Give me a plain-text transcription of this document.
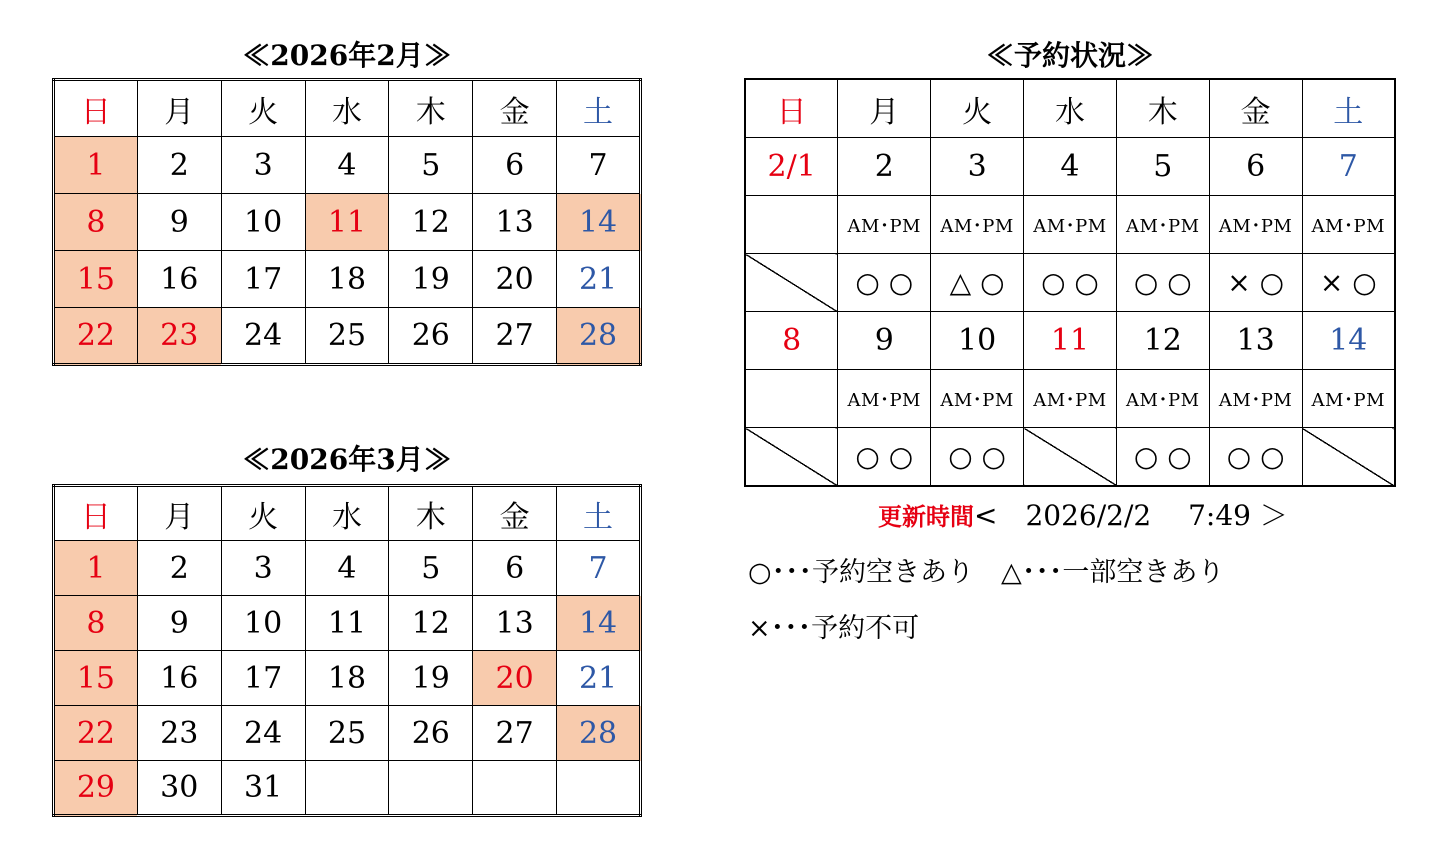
≪2026年2月≫
日	月	火	水	木	金	土
1	2	3	4	5	6	7
8	9	10	11	12	13	14
15	16	17	18	19	20	21
22	23	24	25	26	27	28
≪2026年3月≫
日	月	火	水	木	金	土
1	2	3	4	5	6	7
8	9	10	11	12	13	14
15	16	17	18	19	20	21
22	23	24	25	26	27	28
29	30	31				
≪予約状況≫
日	月	火	水	木	金	土
2/1	2	3	4	5	6	7
	AM･PM	AM･PM	AM･PM	AM･PM	AM･PM	AM･PM
	○ ○	△ ○	○ ○	○ ○	× ○	× ○
8	9	10	11	12	13	14
	AM･PM	AM･PM	AM･PM	AM･PM	AM･PM	AM･PM
	○ ○	○ ○		○ ○	○ ○	
更新時間<　2026/2/2　 7:49 ＞
○･･･予約空きあり　△･･･一部空きあり
×･･･予約不可
